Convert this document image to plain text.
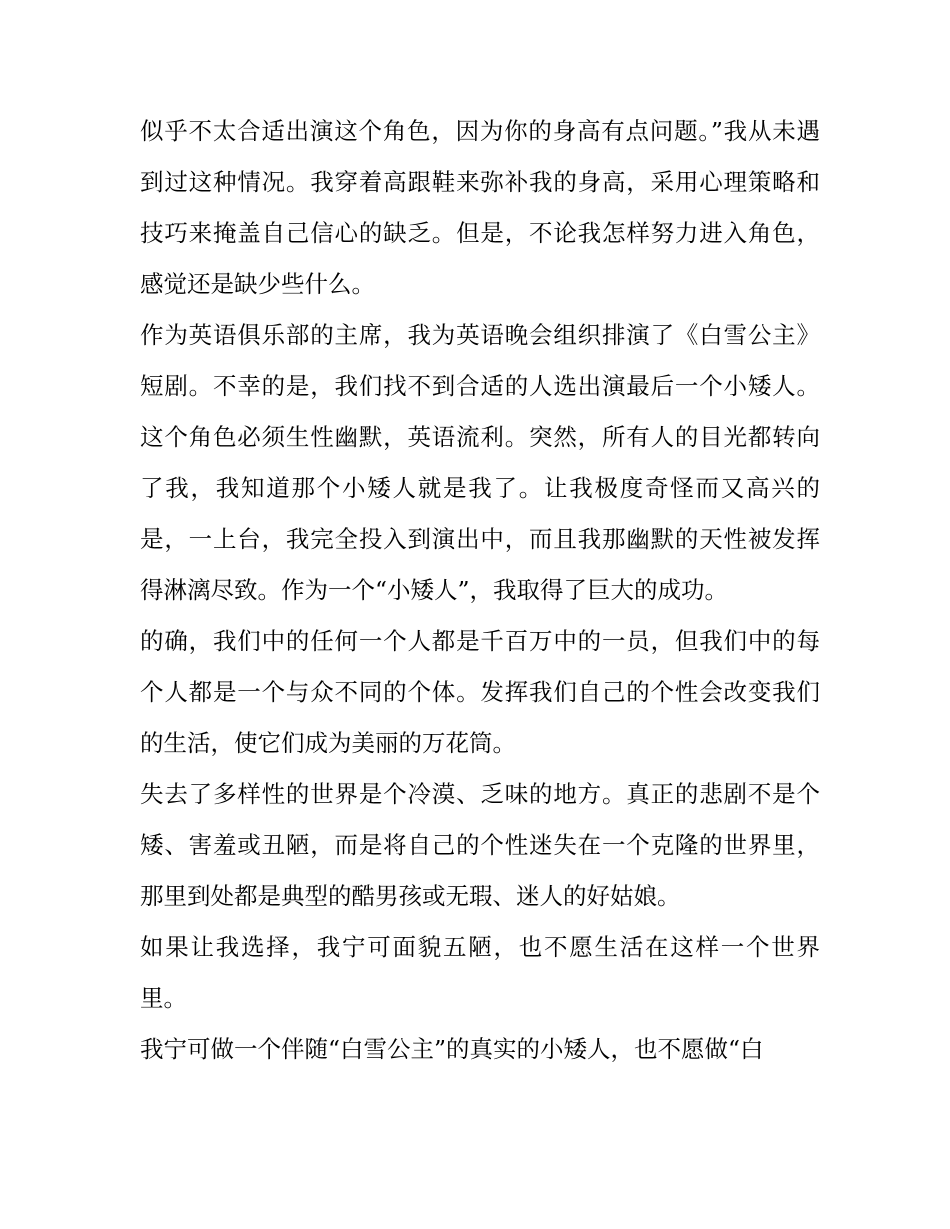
似乎不太合适出演这个角色，因为你的身高有点问题。”我从未遇到过这种情况。我穿着高跟鞋来弥补我的身高，采用心理策略和技巧来掩盖自己信心的缺乏。但是，不论我怎样努力进入角色，感觉还是缺少些什么。

作为英语俱乐部的主席，我为英语晚会组织排演了《白雪公主》短剧。不幸的是，我们找不到合适的人选出演最后一个小矮人。这个角色必须生性幽默，英语流利。突然，所有人的目光都转向了我，我知道那个小矮人就是我了。让我极度奇怪而又高兴的是，一上台，我完全投入到演出中，而且我那幽默的天性被发挥得淋漓尽致。作为一个“小矮人”，我取得了巨大的成功。

的确，我们中的任何一个人都是千百万中的一员，但我们中的每个人都是一个与众不同的个体。发挥我们自己的个性会改变我们的生活，使它们成为美丽的万花筒。

失去了多样性的世界是个冷漠、乏味的地方。真正的悲剧不是个矮、害羞或丑陋，而是将自己的个性迷失在一个克隆的世界里，那里到处都是典型的酷男孩或无瑕、迷人的好姑娘。

如果让我选择，我宁可面貌五陋，也不愿生活在这样一个世界里。

我宁可做一个伴随“白雪公主”的真实的小矮人，也不愿做“白
